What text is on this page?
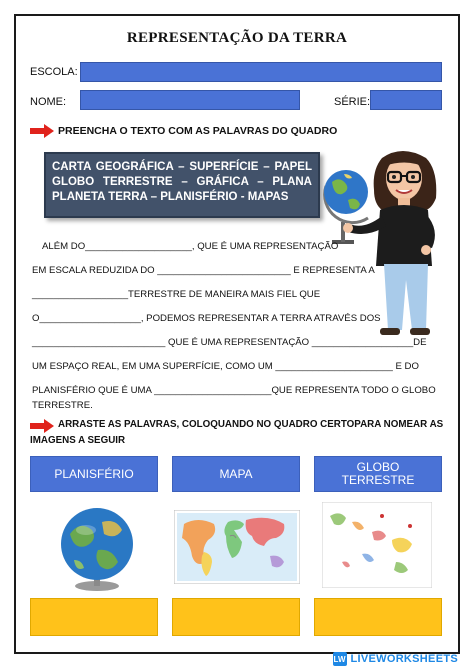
REPRESENTAÇÃO DA TERRA
ESCOLA:
NOME:	SÉRIE:
PREENCHA O TEXTO COM AS PALAVRAS DO QUADRO
CARTA GEOGRÁFICA – SUPERFÍCIE – PAPEL
GLOBO TERRESTRE – GRÁFICA – PLANA
PLANETA TERRA – PLANISFÉRIO - MAPAS
ALÉM DO____________________, QUE É UMA REPRESENTAÇÃO
EM ESCALA REDUZIDA DO _________________________ E REPRESENTA A
__________________TERRESTRE DE MANEIRA MAIS FIEL QUE
O___________________, PODEMOS REPRESENTAR A TERRA ATRAVÉS DOS
_________________________ QUE É UMA REPRESENTAÇÃO ___________________DE
UM ESPAÇO REAL, EM UMA SUPERFÍCIE, COMO UM ______________________ E DO
PLANISFÉRIO QUE É UMA ______________________QUE REPRESENTA TODO O GLOBO
TERRESTRE.
ARRASTE AS PALAVRAS, COLOQUANDO NO QUADRO CERTOPARA NOMEAR AS
IMAGENS A SEGUIR
PLANISFÉRIO	MAPA	GLOBO TERRESTRE
LW LIVEWORKSHEETS
